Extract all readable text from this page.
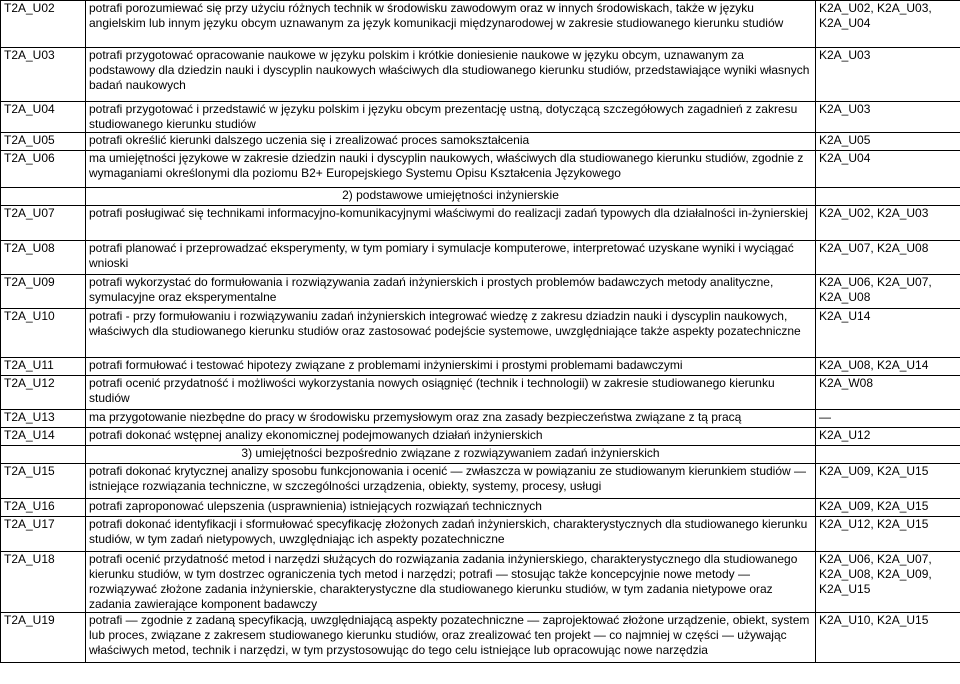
T2A_U02	potrafi porozumiewać się przy użyciu różnych technik w środowisku zawodowym oraz w innych środowiskach, także w języku angielskim lub innym języku obcym uznawanym za język komunikacji międzynarodowej w zakresie studiowanego kierunku studiów	K2A_U02, K2A_U03, K2A_U04
T2A_U03	potrafi przygotować opracowanie naukowe w języku polskim i krótkie doniesienie naukowe w języku obcym, uznawanym za podstawowy dla dziedzin nauki i dyscyplin naukowych właściwych dla studiowanego kierunku studiów, przedstawiające wyniki własnych badań naukowych	K2A_U03
T2A_U04	potrafi przygotować i przedstawić w języku polskim i języku obcym prezentację ustną, dotyczącą szczegółowych zagadnień z zakresu studiowanego kierunku studiów	K2A_U03
T2A_U05	potrafi określić kierunki dalszego uczenia się i zrealizować proces samokształcenia	K2A_U05
T2A_U06	ma umiejętności językowe w zakresie dziedzin nauki i dyscyplin naukowych, właściwych dla studiowanego kierunku studiów, zgodnie z wymaganiami określonymi dla poziomu B2+ Europejskiego Systemu Opisu Kształcenia Językowego	K2A_U04
	2) podstawowe umiejętności inżynierskie	
T2A_U07	potrafi posługiwać się technikami informacyjno-komunikacyjnymi właściwymi do realizacji zadań typowych dla działalności in-żynierskiej	K2A_U02, K2A_U03
T2A_U08	potrafi planować i przeprowadzać eksperymenty, w tym pomiary i symulacje komputerowe, interpretować uzyskane wyniki i wyciągać wnioski	K2A_U07, K2A_U08
T2A_U09	potrafi wykorzystać do formułowania i rozwiązywania zadań inżynierskich i prostych problemów badawczych metody analityczne, symulacyjne oraz eksperymentalne	K2A_U06, K2A_U07, K2A_U08
T2A_U10	potrafi - przy formułowaniu i rozwiązywaniu zadań inżynierskich integrować wiedzę z zakresu dziadzin nauki i dyscyplin naukowych, właściwych dla studiowanego kierunku studiów oraz zastosować podejście systemowe, uwzględniające także aspekty pozatechniczne	K2A_U14
T2A_U11	potrafi formułować i testować hipotezy związane z problemami inżynierskimi i prostymi problemami badawczymi	K2A_U08, K2A_U14
T2A_U12	potrafi ocenić przydatność i możliwości wykorzystania nowych osiągnięć (technik i technologii) w zakresie studiowanego kierunku studiów	K2A_W08
T2A_U13	ma przygotowanie niezbędne do pracy w środowisku przemysłowym oraz zna zasady bezpieczeństwa związane z tą pracą	—
T2A_U14	potrafi dokonać wstępnej analizy ekonomicznej podejmowanych działań inżynierskich	K2A_U12
	3) umiejętności bezpośrednio związane z rozwiązywaniem zadań inżynierskich	
T2A_U15	potrafi dokonać krytycznej analizy sposobu funkcjonowania i ocenić — zwłaszcza w powiązaniu ze studiowanym kierunkiem studiów — istniejące rozwiązania techniczne, w szczególności urządzenia, obiekty, systemy, procesy, usługi	K2A_U09, K2A_U15
T2A_U16	potrafi zaproponować ulepszenia (usprawnienia) istniejących rozwiązań technicznych	K2A_U09, K2A_U15
T2A_U17	potrafi dokonać identyfikacji i sformułować specyfikację złożonych zadań inżynierskich, charakterystycznych dla studiowanego kierunku studiów, w tym zadań nietypowych, uwzględniając ich aspekty pozatechniczne	K2A_U12, K2A_U15
T2A_U18	potrafi ocenić przydatność metod i narzędzi służących do rozwiązania zadania inżynierskiego, charakterystycznego dla studiowanego kierunku studiów, w tym dostrzec ograniczenia tych metod i narzędzi; potrafi — stosując także koncepcyjnie nowe metody — rozwiązywać złożone zadania inżynierskie, charakterystyczne dla studiowanego kierunku studiów, w tym zadania nietypowe oraz zadania zawierające komponent badawczy	K2A_U06, K2A_U07, K2A_U08, K2A_U09, K2A_U15
T2A_U19	potrafi — zgodnie z zadaną specyfikacją, uwzględniającą aspekty pozatechniczne — zaprojektować złożone urządzenie, obiekt, system lub proces, związane z zakresem studiowanego kierunku studiów, oraz zrealizować ten projekt — co najmniej w części — używając właściwych metod, technik i narzędzi, w tym przystosowując do tego celu istniejące lub opracowując nowe narzędzia	K2A_U10, K2A_U15
